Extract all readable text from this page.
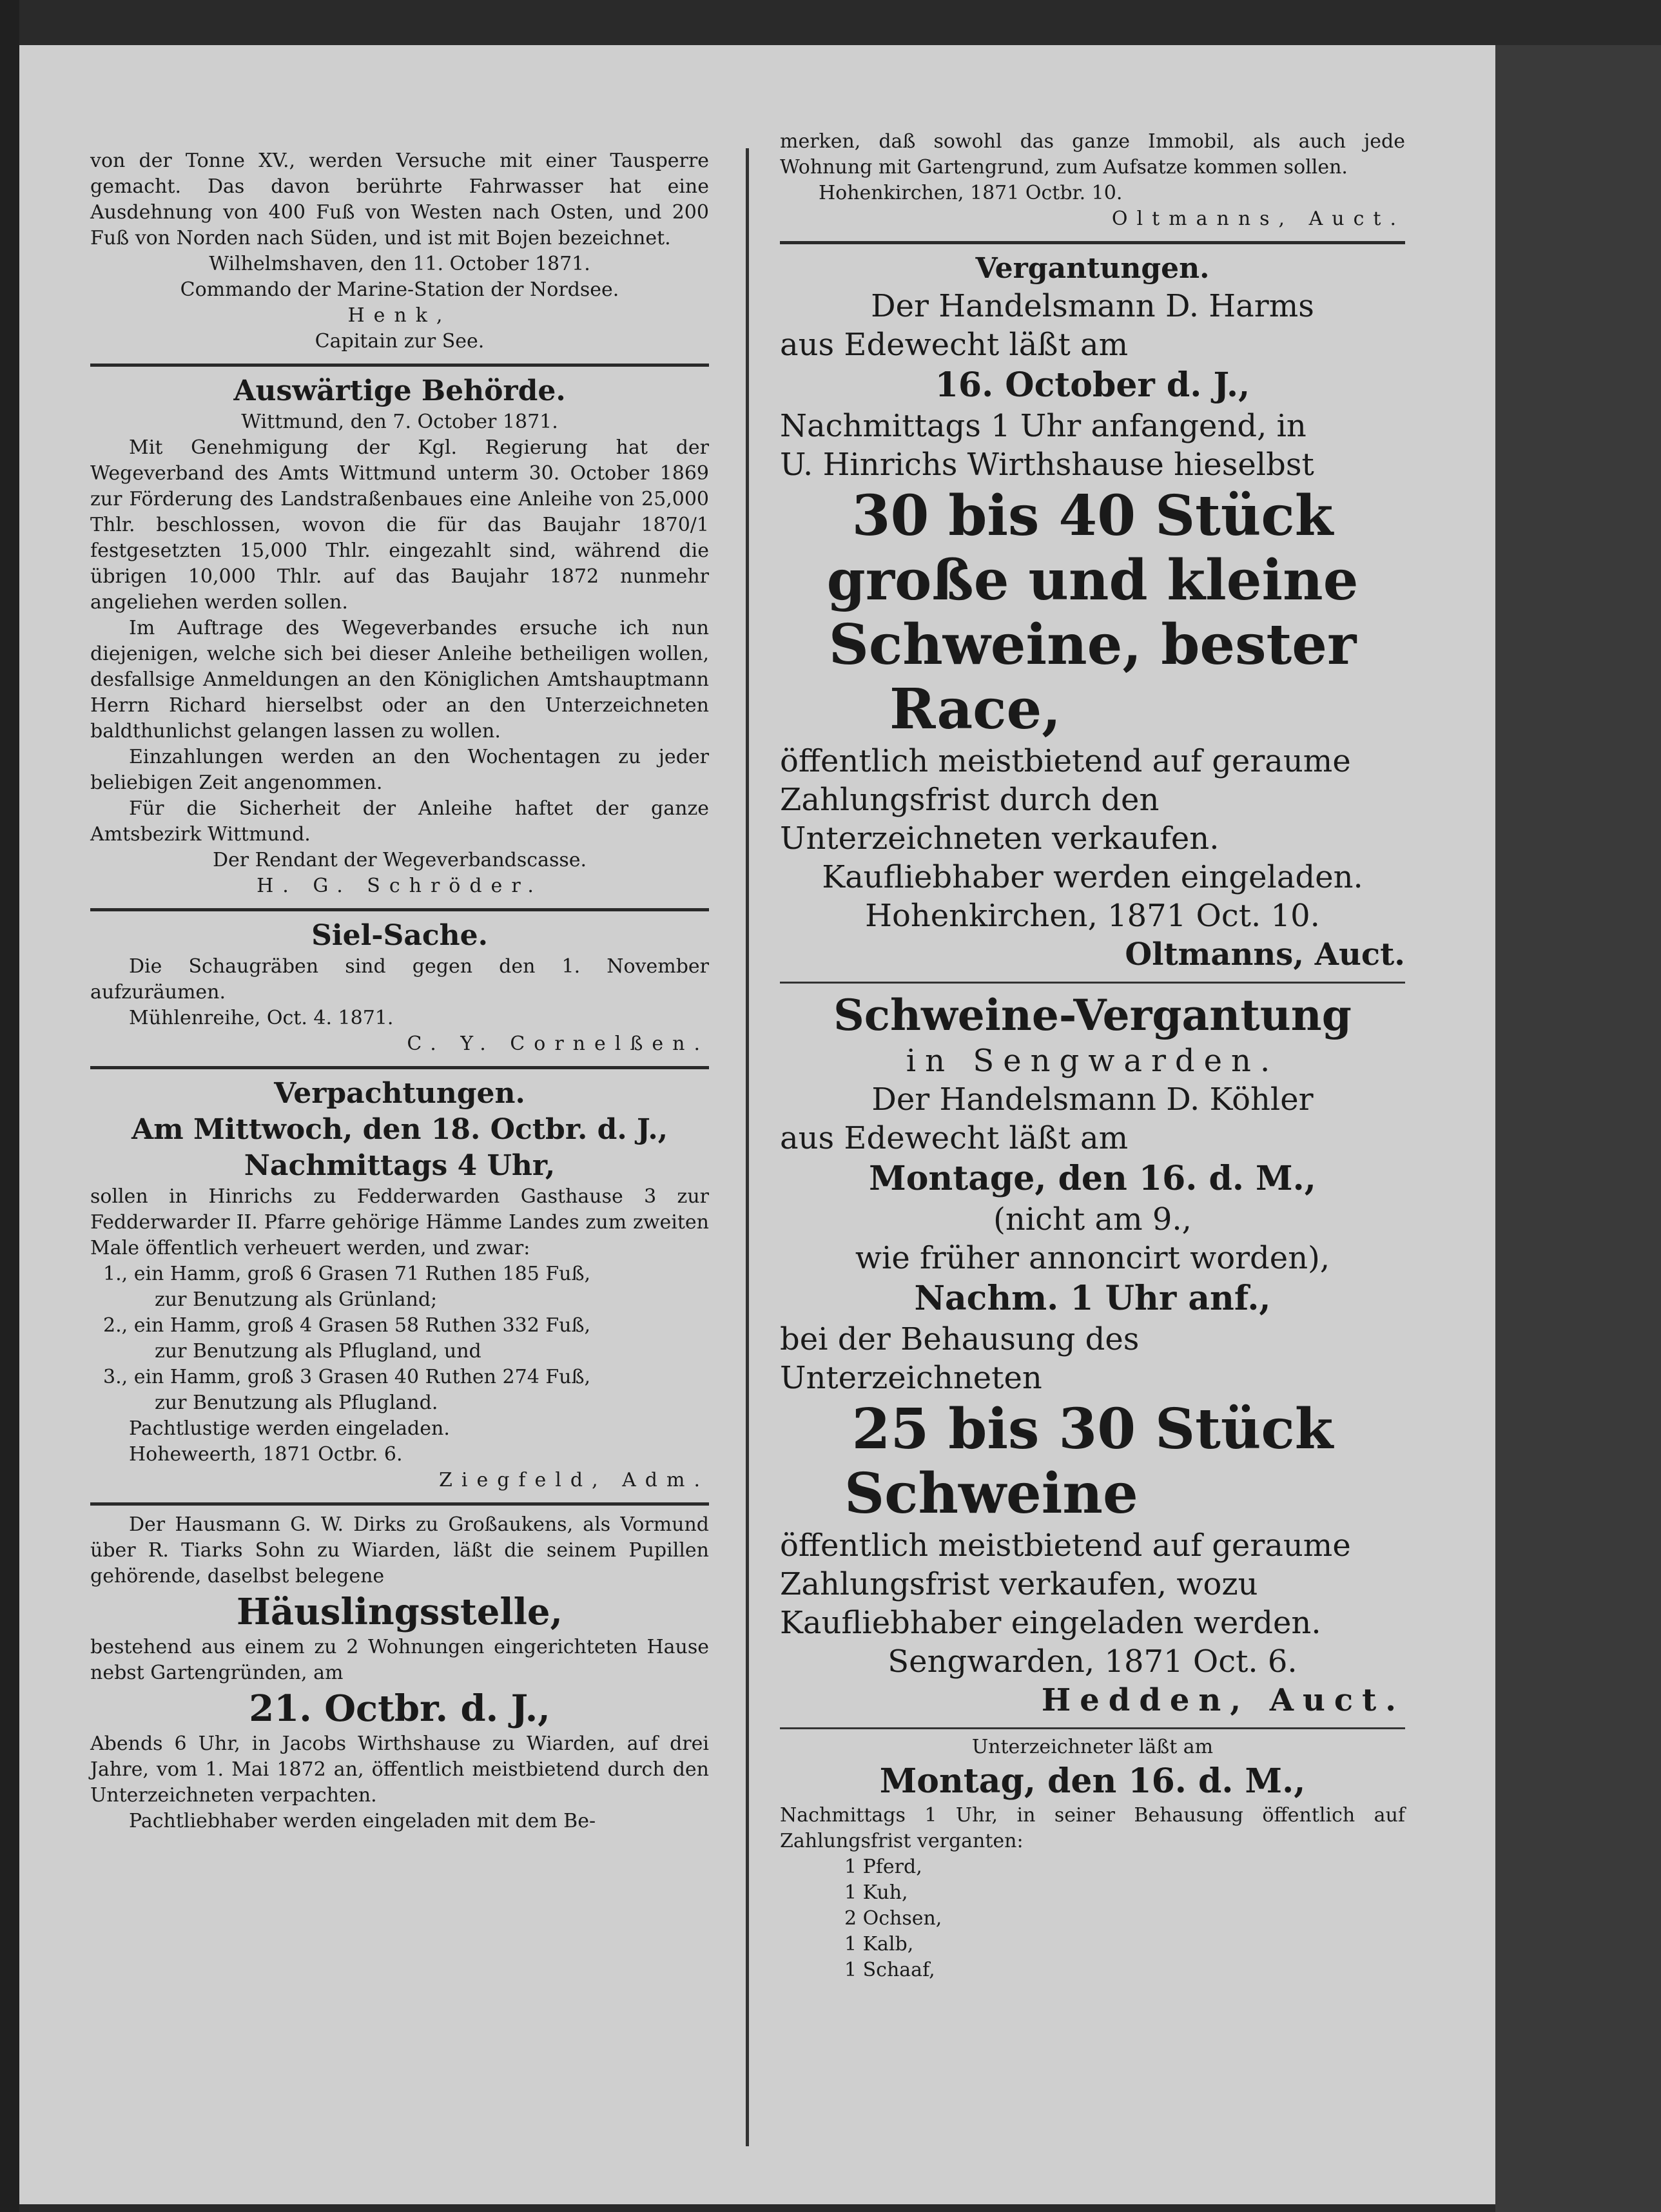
von der Tonne XV., werden Versuche mit einer Tausperre gemacht. Das davon berührte Fahrwasser hat eine Ausdehnung von 400 Fuß von Westen nach Osten, und 200 Fuß von Norden nach Süden, und ist mit Bojen bezeichnet.

Wilhelmshaven, den 11. October 1871.

Commando der Marine-Station der Nordsee.

Henk,

Capitain zur See.

Auswärtige Behörde.

Wittmund, den 7. October 1871.

Mit Genehmigung der Kgl. Regierung hat der Wegeverband des Amts Wittmund unterm 30. October 1869 zur Förderung des Landstraßenbaues eine Anleihe von 25,000 Thlr. beschlossen, wovon die für das Baujahr 1870/1 festgesetzten 15,000 Thlr. eingezahlt sind, während die übrigen 10,000 Thlr. auf das Baujahr 1872 nunmehr angeliehen werden sollen.

Im Auftrage des Wegeverbandes ersuche ich nun diejenigen, welche sich bei dieser Anleihe betheiligen wollen, desfallsige Anmeldungen an den Königlichen Amtshauptmann Herrn Richard hierselbst oder an den Unterzeichneten baldthunlichst gelangen lassen zu wollen.

Einzahlungen werden an den Wochentagen zu jeder beliebigen Zeit angenommen.

Für die Sicherheit der Anleihe haftet der ganze Amtsbezirk Wittmund.

Der Rendant der Wegeverbandscasse.

H. G. Schröder.

Siel-Sache.

Die Schaugräben sind gegen den 1. November aufzuräumen.

Mühlenreihe, Oct. 4. 1871.

C. Y. Cornelßen.

Verpachtungen.

Am Mittwoch, den 18. Octbr. d. J.,

Nachmittags 4 Uhr,

sollen in Hinrichs zu Fedderwarden Gasthause 3 zur Fedderwarder II. Pfarre gehörige Hämme Landes zum zweiten Male öffentlich verheuert werden, und zwar:

1., ein Hamm, groß 6 Grasen 71 Ruthen 185 Fuß,

zur Benutzung als Grünland;

2., ein Hamm, groß 4 Grasen 58 Ruthen 332 Fuß,

zur Benutzung als Pflugland, und

3., ein Hamm, groß 3 Grasen 40 Ruthen 274 Fuß,

zur Benutzung als Pflugland.

Pachtlustige werden eingeladen.

Hoheweerth, 1871 Octbr. 6.

Ziegfeld, Adm.

Der Hausmann G. W. Dirks zu Großaukens, als Vormund über R. Tiarks Sohn zu Wiarden, läßt die seinem Pupillen gehörende, daselbst belegene

Häuslingsstelle,

bestehend aus einem zu 2 Wohnungen eingerichteten Hause nebst Gartengründen, am

21. Octbr. d. J.,

Abends 6 Uhr, in Jacobs Wirthshause zu Wiarden, auf drei Jahre, vom 1. Mai 1872 an, öffentlich meistbietend durch den Unterzeichneten verpachten.

Pachtliebhaber werden eingeladen mit dem Be-

merken, daß sowohl das ganze Immobil, als auch jede Wohnung mit Gartengrund, zum Aufsatze kommen sollen.

Hohenkirchen, 1871 Octbr. 10.

Oltmanns, Auct.

Vergantungen.

Der Handelsmann D. Harms

aus Edewecht läßt am

16. October d. J.,

Nachmittags 1 Uhr anfangend, in

U. Hinrichs Wirthshause hieselbst

30 bis 40 Stück

große und kleine

Schweine, bester

Race,

öffentlich meistbietend auf geraume Zahlungsfrist durch den Unterzeichneten verkaufen.

Kaufliebhaber werden eingeladen.

Hohenkirchen, 1871 Oct. 10.

Oltmanns, Auct.

Schweine-Vergantung

in Sengwarden.

Der Handelsmann D. Köhler

aus Edewecht läßt am

Montage, den 16. d. M.,

(nicht am 9.,

wie früher annoncirt worden),

Nachm. 1 Uhr anf.,

bei der Behausung des Unterzeichneten

25 bis 30 Stück

Schweine

öffentlich meistbietend auf geraume Zahlungsfrist verkaufen, wozu Kaufliebhaber eingeladen werden.

Sengwarden, 1871 Oct. 6.

Hedden, Auct.

Unterzeichneter läßt am

Montag, den 16. d. M.,

Nachmittags 1 Uhr, in seiner Behausung öffentlich auf Zahlungsfrist verganten:

1 Pferd,

1 Kuh,

2 Ochsen,

1 Kalb,

1 Schaaf,
